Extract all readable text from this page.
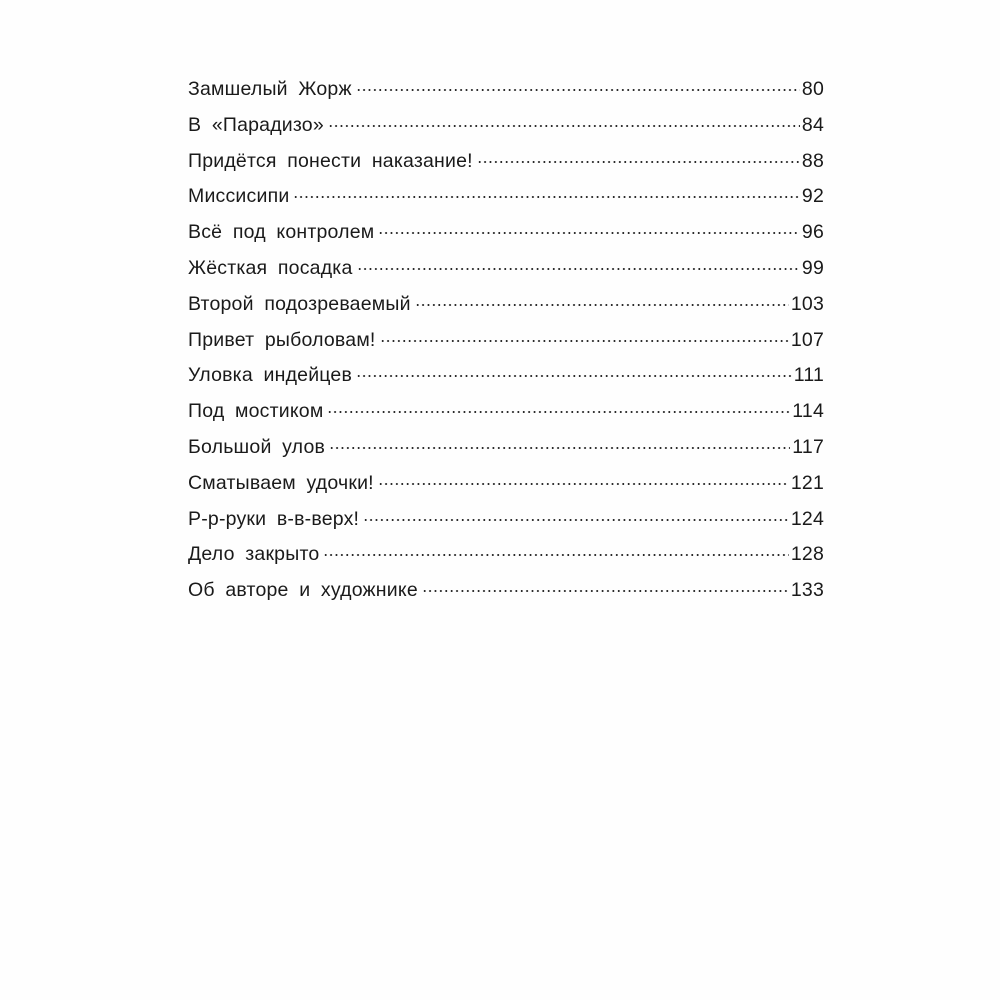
Замшелый Жорж	80
В «Парадизо»	84
Придётся понести наказание!	88
Миссисипи	92
Всё под контролем	96
Жёсткая посадка	99
Второй подозреваемый	103
Привет рыболовам!	107
Уловка индейцев	111
Под мостиком	114
Большой улов	117
Сматываем удочки!	121
Р-р-руки в-в-верх!	124
Дело закрыто	128
Об авторе и художнике	133
